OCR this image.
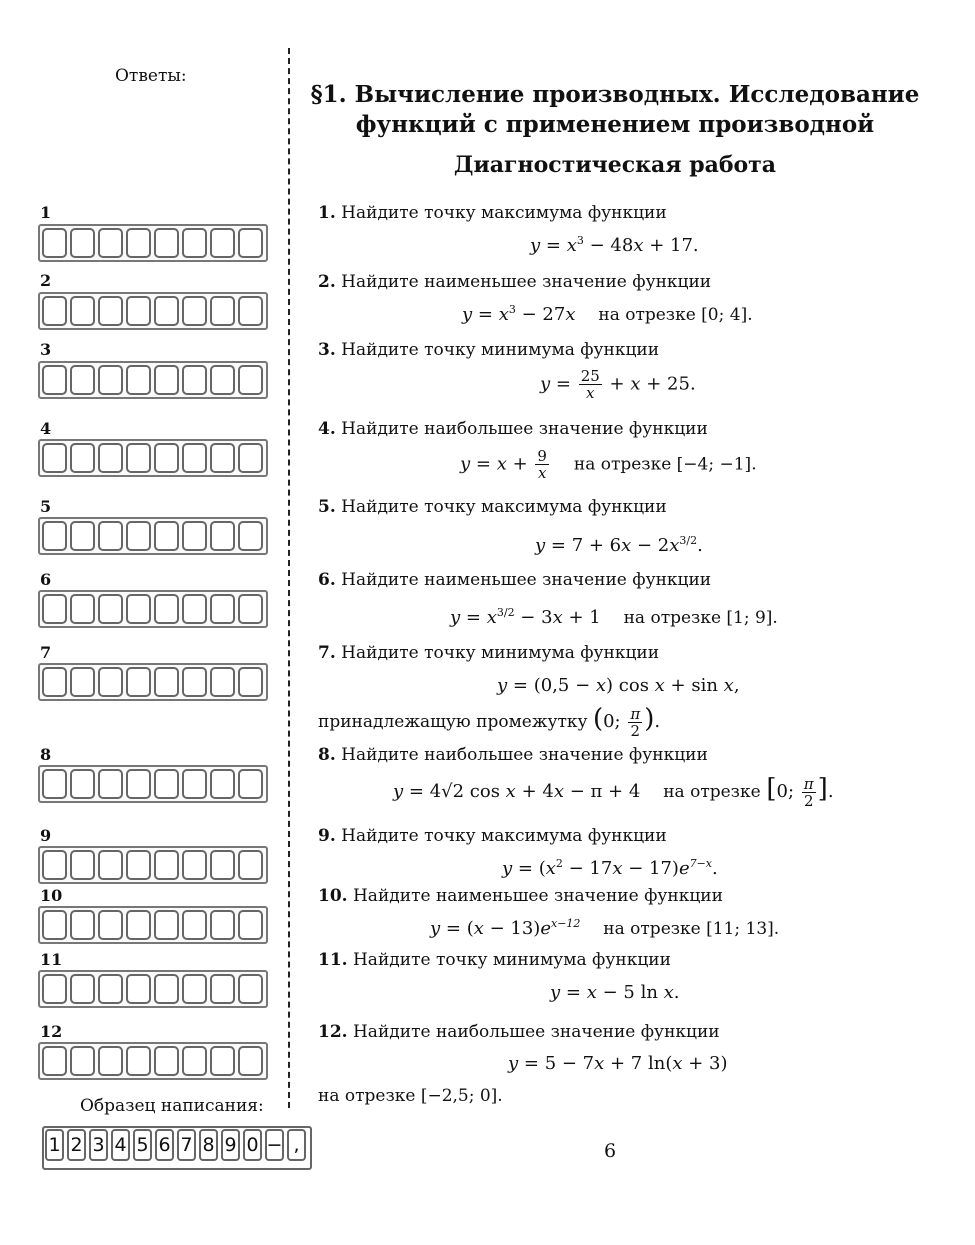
Ответы:
1
2
3
4
5
6
7
8
9
10
11
12
Образец написания:
1 2 3 4 5 6 7 8 9 0 − ,
§1. Вычисление производных. Исследование
функций с применением производной
Диагностическая работа
1. Найдите точку максимума функции
$y = x^3 - 48x + 17$.
2. Найдите наименьшее значение функции
$y = x^3 - 27x$    на отрезке [0; 4].
3. Найдите точку минимума функции
$y = \frac{25}{x} + x + 25$.
4. Найдите наибольшее значение функции
$y = x + \frac{9}{x}$ на отрезке [−4; −1].
5. Найдите точку максимума функции
$y = 7 + 6x - 2x^{3/2}$.
6. Найдите наименьшее значение функции
$y = x^{3/2} - 3x + 1$ на отрезке [1; 9].
7. Найдите точку минимума функции
y = (0,5 − x) cos x + sin x,
принадлежащую промежутку (0; $\frac{\pi}{2}$ ).
8. Найдите наибольшее значение функции
y = 4√2 cos x + 4x − π + 4 на отрезке [0; $\frac{\pi}{2}$ ].
9. Найдите точку максимума функции
$y = (x^2 - 17x - 17)e^{7-x}$.
10. Найдите наименьшее значение функции
$y = (x - 13)e^{x-12}$ на отрезке [11; 13].
11. Найдите точку минимума функции
y = x − 5 ln x.
12. Найдите наибольшее значение функции
y = 5 − 7x + 7 ln(x + 3)
на отрезке [−2,5; 0].
6
